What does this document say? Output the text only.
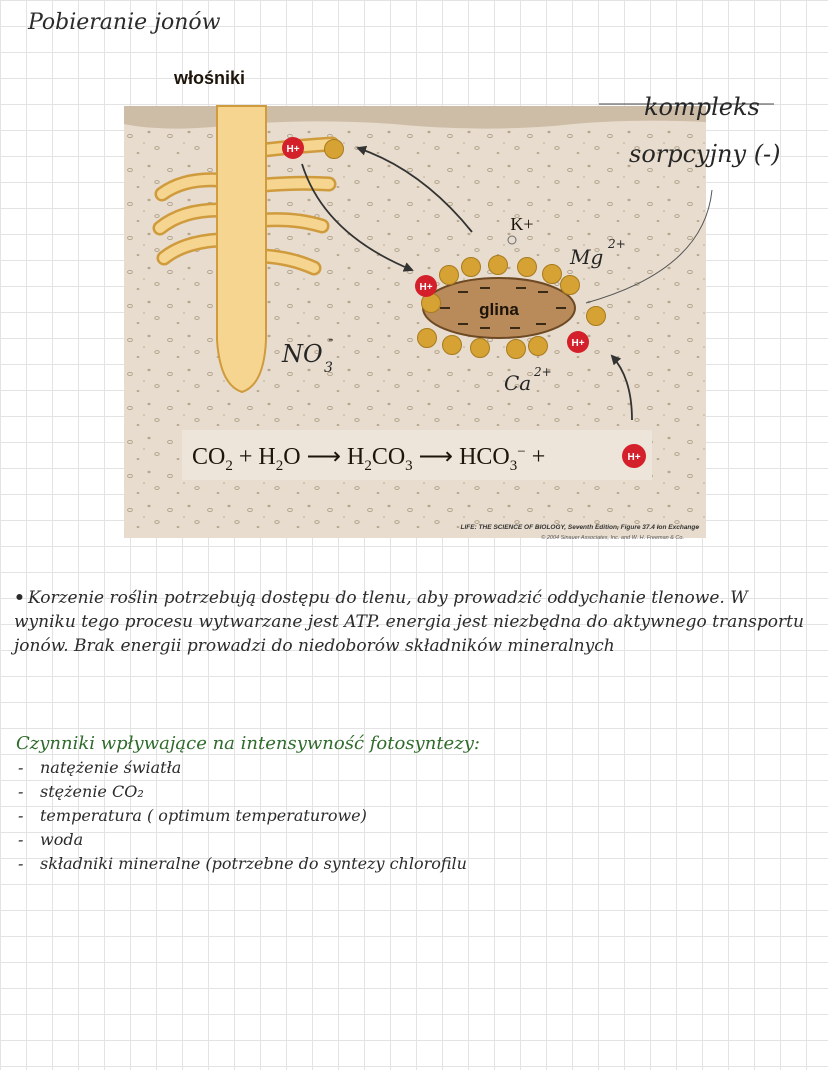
Pobieranie jonów
H+
glina
H+
H+
K+
Mg
2+
NO 3
-
Ca 2+
kompleks
sorpcyjny (-)
włośniki
$CO_2 + H_2O$ ⟶ $H_2CO_3$ ⟶ $HCO_3^-$ +	H+
LIFE: THE SCIENCE OF BIOLOGY, Seventh Edition, Figure 37.4 Ion Exchange
© 2004 Sinauer Associates, Inc. and W. H. Freeman & Co.

• Korzenie roślin potrzebują dostępu do tlenu, aby prowadzić oddychanie tlenowe. W wyniku tego procesu wytwarzane jest ATP. energia jest niezbędna do aktywnego transportu jonów. Brak energii prowadzi do niedoborów składników mineralnych

Czynniki wpływające na intensywność fotosyntezy:
- natężenie światła
- stężenie CO₂
- temperatura ( optimum temperaturowe)
- woda
- składniki mineralne (potrzebne do syntezy chlorofilu
